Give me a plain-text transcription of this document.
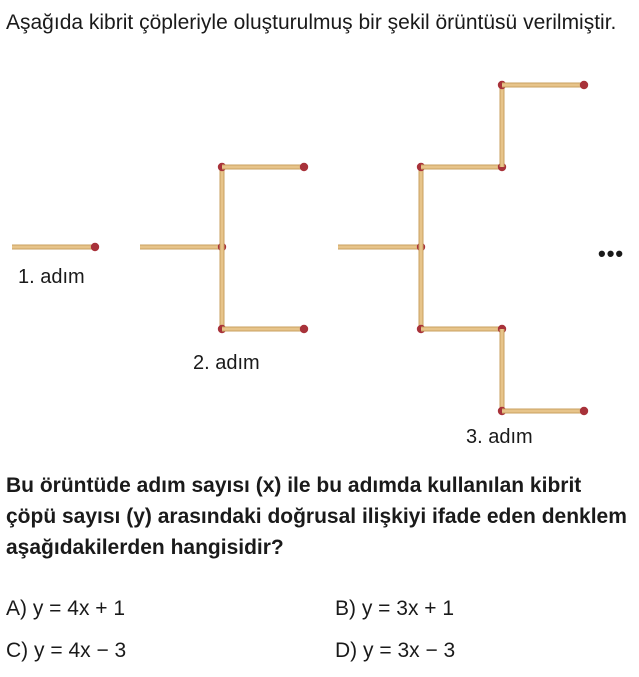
Aşağıda kibrit çöpleriyle oluşturulmuş bir şekil örüntüsü verilmiştir.

1. adım
2. adım
3. adım
•••

Bu örüntüde adım sayısı (x) ile bu adımda kullanılan kibrit çöpü sayısı (y) arasındaki doğrusal ilişkiyi ifade eden denklem aşağıdakilerden hangisidir?

A) y = 4x + 1	B) y = 3x + 1
C) y = 4x − 3	D) y = 3x − 3
